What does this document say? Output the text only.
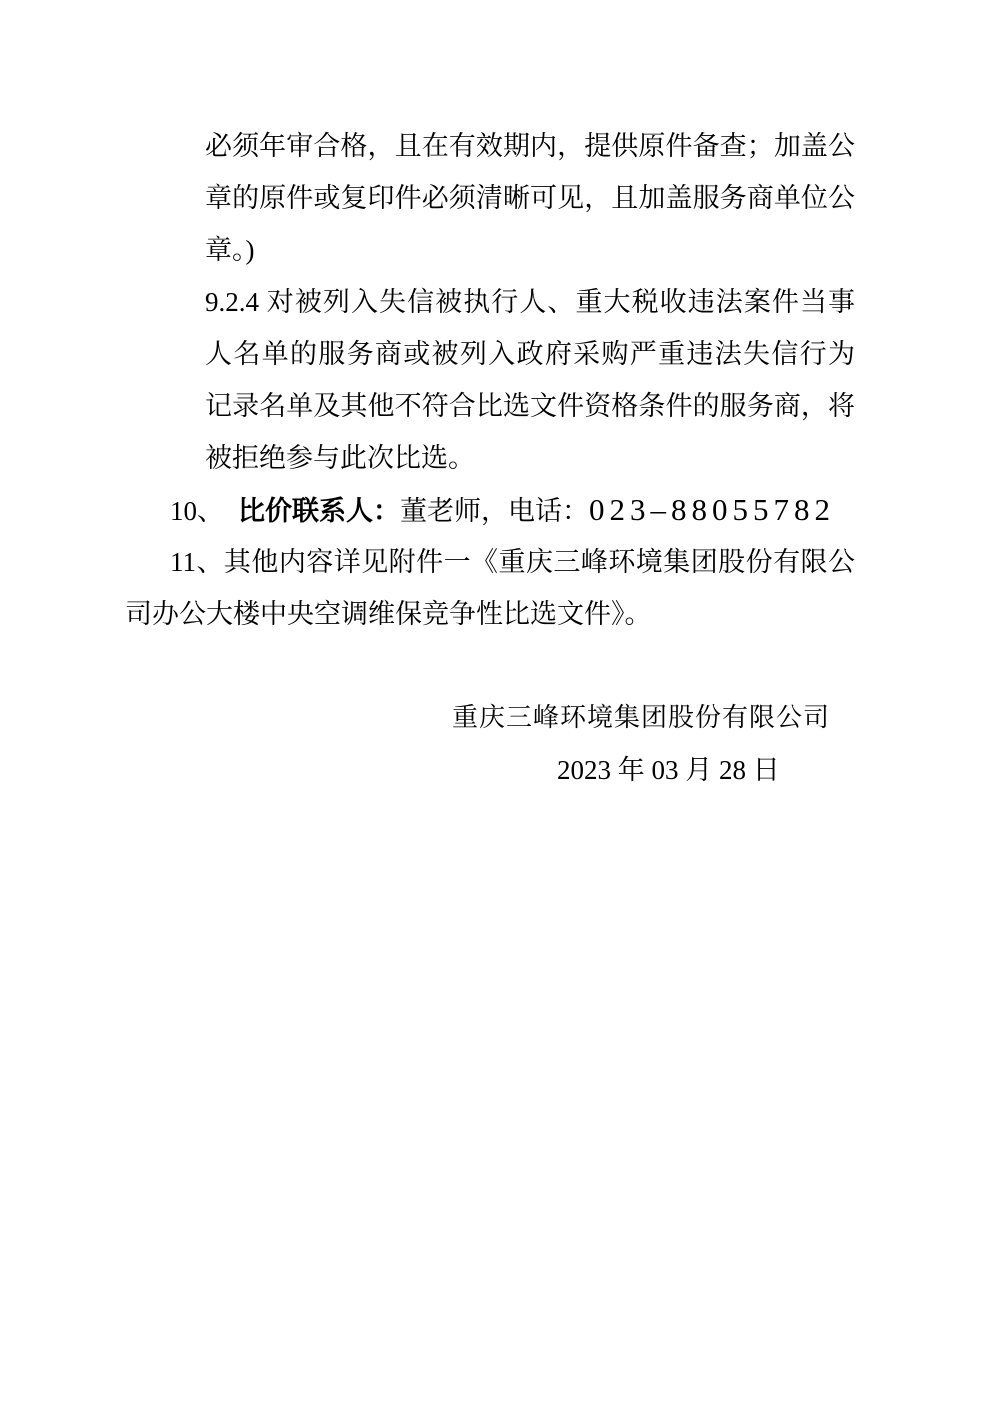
必须年审合格，且在有效期内，提供原件备查；加盖公
章的原件或复印件必须清晰可见，且加盖服务商单位公
章。)
9.2.4 对被列入失信被执行人、重大税收违法案件当事
人名单的服务商或被列入政府采购严重违法失信行为
记录名单及其他不符合比选文件资格条件的服务商，将
被拒绝参与此次比选。
10、 比价联系人：董老师，电话：023–88055782
11、其他内容详见附件一《重庆三峰环境集团股份有限公
司办公大楼中央空调维保竞争性比选文件》。
重庆三峰环境集团股份有限公司
2023 年 03 月 28 日
